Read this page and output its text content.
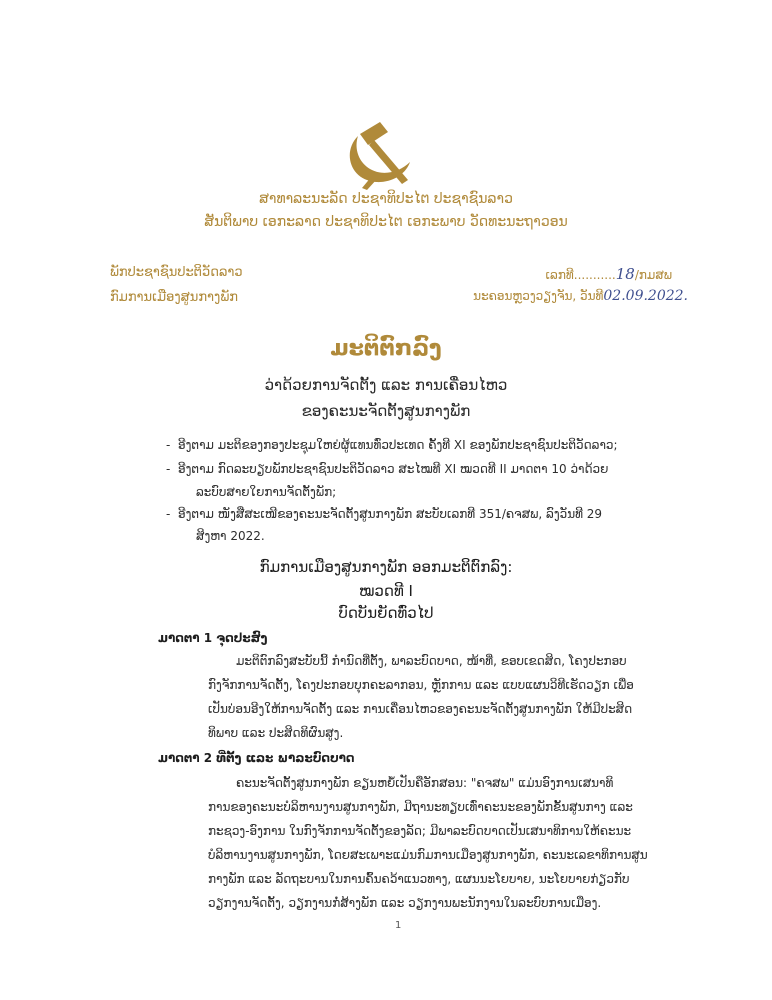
ສາທາລະນະລັດ ປະຊາທິປະໄຕ ປະຊາຊົນລາວ
ສັນຕິພາບ ເອກະລາດ ປະຊາທິປະໄຕ ເອກະພາບ ວັດທະນະຖາວອນ
ພັກປະຊາຊົນປະຕິວັດລາວ
ກົມການເມືອງສູນກາງພັກ
ເລກທີ...........18/ກມສພ
ນະຄອນຫຼວງວຽງຈັນ, ວັນທີ02.09.2022.
ມະຕິຕົກລົງ
ວ່າດ້ວຍການຈັດຕັ້ງ ແລະ ການເຄື່ອນໄຫວ
ຂອງຄະນະຈັດຕັ້ງສູນກາງພັກ
- ອີງຕາມ ມະຕິຂອງກອງປະຊຸມໃຫຍ່ຜູ້ແທນທົ່ວປະເທດ ຄັ້ງທີ XI ຂອງພັກປະຊາຊົນປະຕິວັດລາວ;
- ອີງຕາມ ກົດລະບຽບພັກປະຊາຊົນປະຕິວັດລາວ ສະໄໝທີ XI ໝວດທີ II ມາດຕາ 10 ວ່າດ້ວຍ
ລະບົບສາຍໃຍການຈັດຕັ້ງພັກ;
- ອີງຕາມ ໜັງສືສະເໜີຂອງຄະນະຈັດຕັ້ງສູນກາງພັກ ສະບັບເລກທີ 351/ຄຈສພ, ລົງວັນທີ 29
ສິງຫາ 2022.
ກົມການເມືອງສູນກາງພັກ ອອກມະຕິຕົກລົງ:
ໝວດທີ I
ບົດບັນຍັດທົ່ວໄປ
ມາດຕາ 1 ຈຸດປະສົງ
ມະຕິຕົກລົງສະບັບນີ້ ກຳນົດທີ່ຕັ້ງ, ພາລະບົດບາດ, ໜ້າທີ່, ຂອບເຂດສິດ, ໂຄງປະກອບ
ກົງຈັກການຈັດຕັ້ງ, ໂຄງປະກອບບຸກຄະລາກອນ, ຫຼັກການ ແລະ ແບບແຜນວິທີເຮັດວຽກ ເພື່ອ
ເປັນບ່ອນອີງໃຫ້ການຈັດຕັ້ງ ແລະ ການເຄື່ອນໄຫວຂອງຄະນະຈັດຕັ້ງສູນກາງພັກ ໃຫ້ມີປະສິດ
ທິພາບ ແລະ ປະສິດທິຜົນສູງ.
ມາດຕາ 2 ທີ່ຕັ້ງ ແລະ ພາລະບົດບາດ
ຄະນະຈັດຕັ້ງສູນກາງພັກ ຂຽນຫຍໍ້ເປັນຄືອັກສອນ: "ຄຈສພ" ແມ່ນອົງການເສນາທິ
ການຂອງຄະນະບໍລິຫານງານສູນກາງພັກ, ມີຖານະທຽບເທົ່າຄະນະຂອງພັກຂັ້ນສູນກາງ ແລະ
ກະຊວງ-ອົງການ ໃນກົງຈັກການຈັດຕັ້ງຂອງລັດ; ມີພາລະບົດບາດເປັນເສນາທິການໃຫ້ຄະນະ
ບໍລິຫານງານສູນກາງພັກ, ໂດຍສະເພາະແມ່ນກົມການເມືອງສູນກາງພັກ, ຄະນະເລຂາທິການສູນ
ກາງພັກ ແລະ ລັດຖະບານໃນການຄົ້ນຄວ້າແນວທາງ, ແຜນນະໂຍບາຍ, ນະໂຍບາຍກ່ຽວກັບ
ວຽກງານຈັດຕັ້ງ, ວຽກງານກໍ່ສ້າງພັກ ແລະ ວຽກງານພະນັກງານໃນລະບົບການເມືອງ.
1
